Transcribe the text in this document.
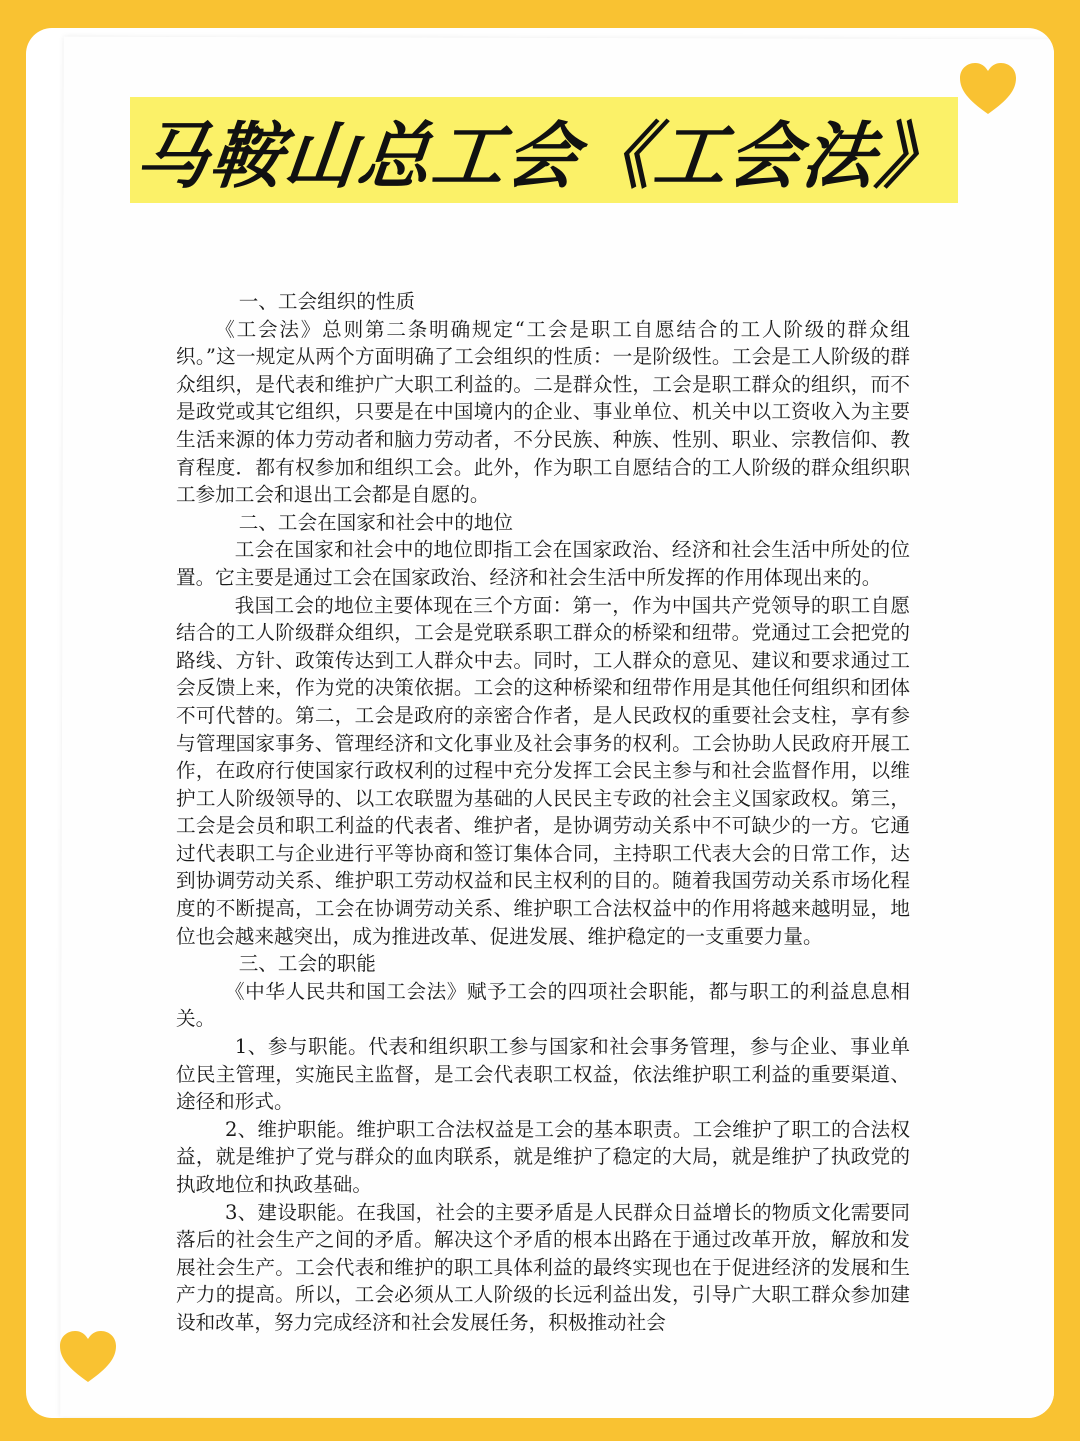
马鞍山总工会《工会法》

一、工会组织的性质

《工会法》总则第二条明确规定“工会是职工自愿结合的工人阶级的群众组织。”这一规定从两个方面明确了工会组织的性质：一是阶级性。工会是工人阶级的群众组织，是代表和维护广大职工利益的。二是群众性，工会是职工群众的组织，而不是政党或其它组织，只要是在中国境内的企业、事业单位、机关中以工资收入为主要生活来源的体力劳动者和脑力劳动者，不分民族、种族、性别、职业、宗教信仰、教育程度．都有权参加和组织工会。此外，作为职工自愿结合的工人阶级的群众组织职工参加工会和退出工会都是自愿的。

二、工会在国家和社会中的地位

工会在国家和社会中的地位即指工会在国家政治、经济和社会生活中所处的位置。它主要是通过工会在国家政治、经济和社会生活中所发挥的作用体现出来的。

我国工会的地位主要体现在三个方面：第一，作为中国共产党领导的职工自愿结合的工人阶级群众组织，工会是党联系职工群众的桥梁和纽带。党通过工会把党的路线、方针、政策传达到工人群众中去。同时，工人群众的意见、建议和要求通过工会反馈上来，作为党的决策依据。工会的这种桥梁和纽带作用是其他任何组织和团体不可代替的。第二，工会是政府的亲密合作者，是人民政权的重要社会支柱，享有参与管理国家事务、管理经济和文化事业及社会事务的权利。工会协助人民政府开展工作，在政府行使国家行政权利的过程中充分发挥工会民主参与和社会监督作用，以维护工人阶级领导的、以工农联盟为基础的人民民主专政的社会主义国家政权。第三，工会是会员和职工利益的代表者、维护者，是协调劳动关系中不可缺少的一方。它通过代表职工与企业进行平等协商和签订集体合同，主持职工代表大会的日常工作，达到协调劳动关系、维护职工劳动权益和民主权利的目的。随着我国劳动关系市场化程度的不断提高，工会在协调劳动关系、维护职工合法权益中的作用将越来越明显，地位也会越来越突出，成为推进改革、促进发展、维护稳定的一支重要力量。

三、工会的职能

《中华人民共和国工会法》赋予工会的四项社会职能，都与职工的利益息息相关。

1、参与职能。代表和组织职工参与国家和社会事务管理，参与企业、事业单位民主管理，实施民主监督，是工会代表职工权益，依法维护职工利益的重要渠道、途径和形式。

2、维护职能。维护职工合法权益是工会的基本职责。工会维护了职工的合法权益，就是维护了党与群众的血肉联系，就是维护了稳定的大局，就是维护了执政党的执政地位和执政基础。

3、建设职能。在我国，社会的主要矛盾是人民群众日益增长的物质文化需要同落后的社会生产之间的矛盾。解决这个矛盾的根本出路在于通过改革开放，解放和发展社会生产。工会代表和维护的职工具体利益的最终实现也在于促进经济的发展和生产力的提高。所以，工会必须从工人阶级的长远利益出发，引导广大职工群众参加建设和改革，努力完成经济和社会发展任务，积极推动社会
